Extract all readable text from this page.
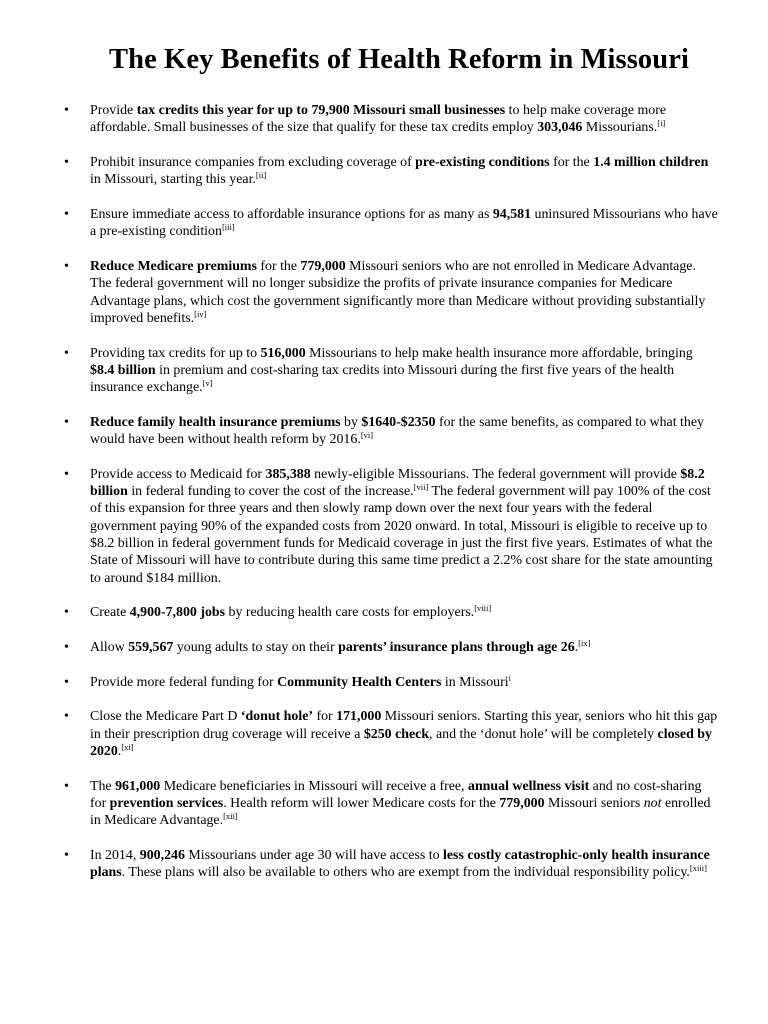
The Key Benefits of Health Reform in Missouri
• Provide tax credits this year for up to 79,900 Missouri small businesses to help make coverage more affordable. Small businesses of the size that qualify for these tax credits employ 303,046 Missourians.[i]
• Prohibit insurance companies from excluding coverage of pre-existing conditions for the 1.4 million children in Missouri, starting this year.[ii]
• Ensure immediate access to affordable insurance options for as many as 94,581 uninsured Missourians who have a pre-existing condition[iii]
• Reduce Medicare premiums for the 779,000 Missouri seniors who are not enrolled in Medicare Advantage. The federal government will no longer subsidize the profits of private insurance companies for Medicare Advantage plans, which cost the government significantly more than Medicare without providing substantially improved benefits.[iv]
• Providing tax credits for up to 516,000 Missourians to help make health insurance more affordable, bringing $8.4 billion in premium and cost-sharing tax credits into Missouri during the first five years of the health insurance exchange.[v]
• Reduce family health insurance premiums by $1640-$2350 for the same benefits, as compared to what they would have been without health reform by 2016.[vi]
• Provide access to Medicaid for 385,388 newly-eligible Missourians. The federal government will provide $8.2 billion in federal funding to cover the cost of the increase.[vii] The federal government will pay 100% of the cost of this expansion for three years and then slowly ramp down over the next four years with the federal government paying 90% of the expanded costs from 2020 onward. In total, Missouri is eligible to receive up to $8.2 billion in federal government funds for Medicaid coverage in just the first five years. Estimates of what the State of Missouri will have to contribute during this same time predict a 2.2% cost share for the state amounting to around $184 million.
• Create 4,900-7,800 jobs by reducing health care costs for employers.[viii]
• Allow 559,567 young adults to stay on their parents’ insurance plans through age 26.[ix]
• Provide more federal funding for Community Health Centers in Missouri$^i$
• Close the Medicare Part D ‘donut hole’ for 171,000 Missouri seniors. Starting this year, seniors who hit this gap in their prescription drug coverage will receive a $250 check, and the ‘donut hole’ will be completely closed by 2020.[xi]
• The 961,000 Medicare beneficiaries in Missouri will receive a free, annual wellness visit and no cost-sharing for prevention services. Health reform will lower Medicare costs for the 779,000 Missouri seniors not enrolled in Medicare Advantage.[xii]
• In 2014, 900,246 Missourians under age 30 will have access to less costly catastrophic-only health insurance plans. These plans will also be available to others who are exempt from the individual responsibility policy.[xiii]
